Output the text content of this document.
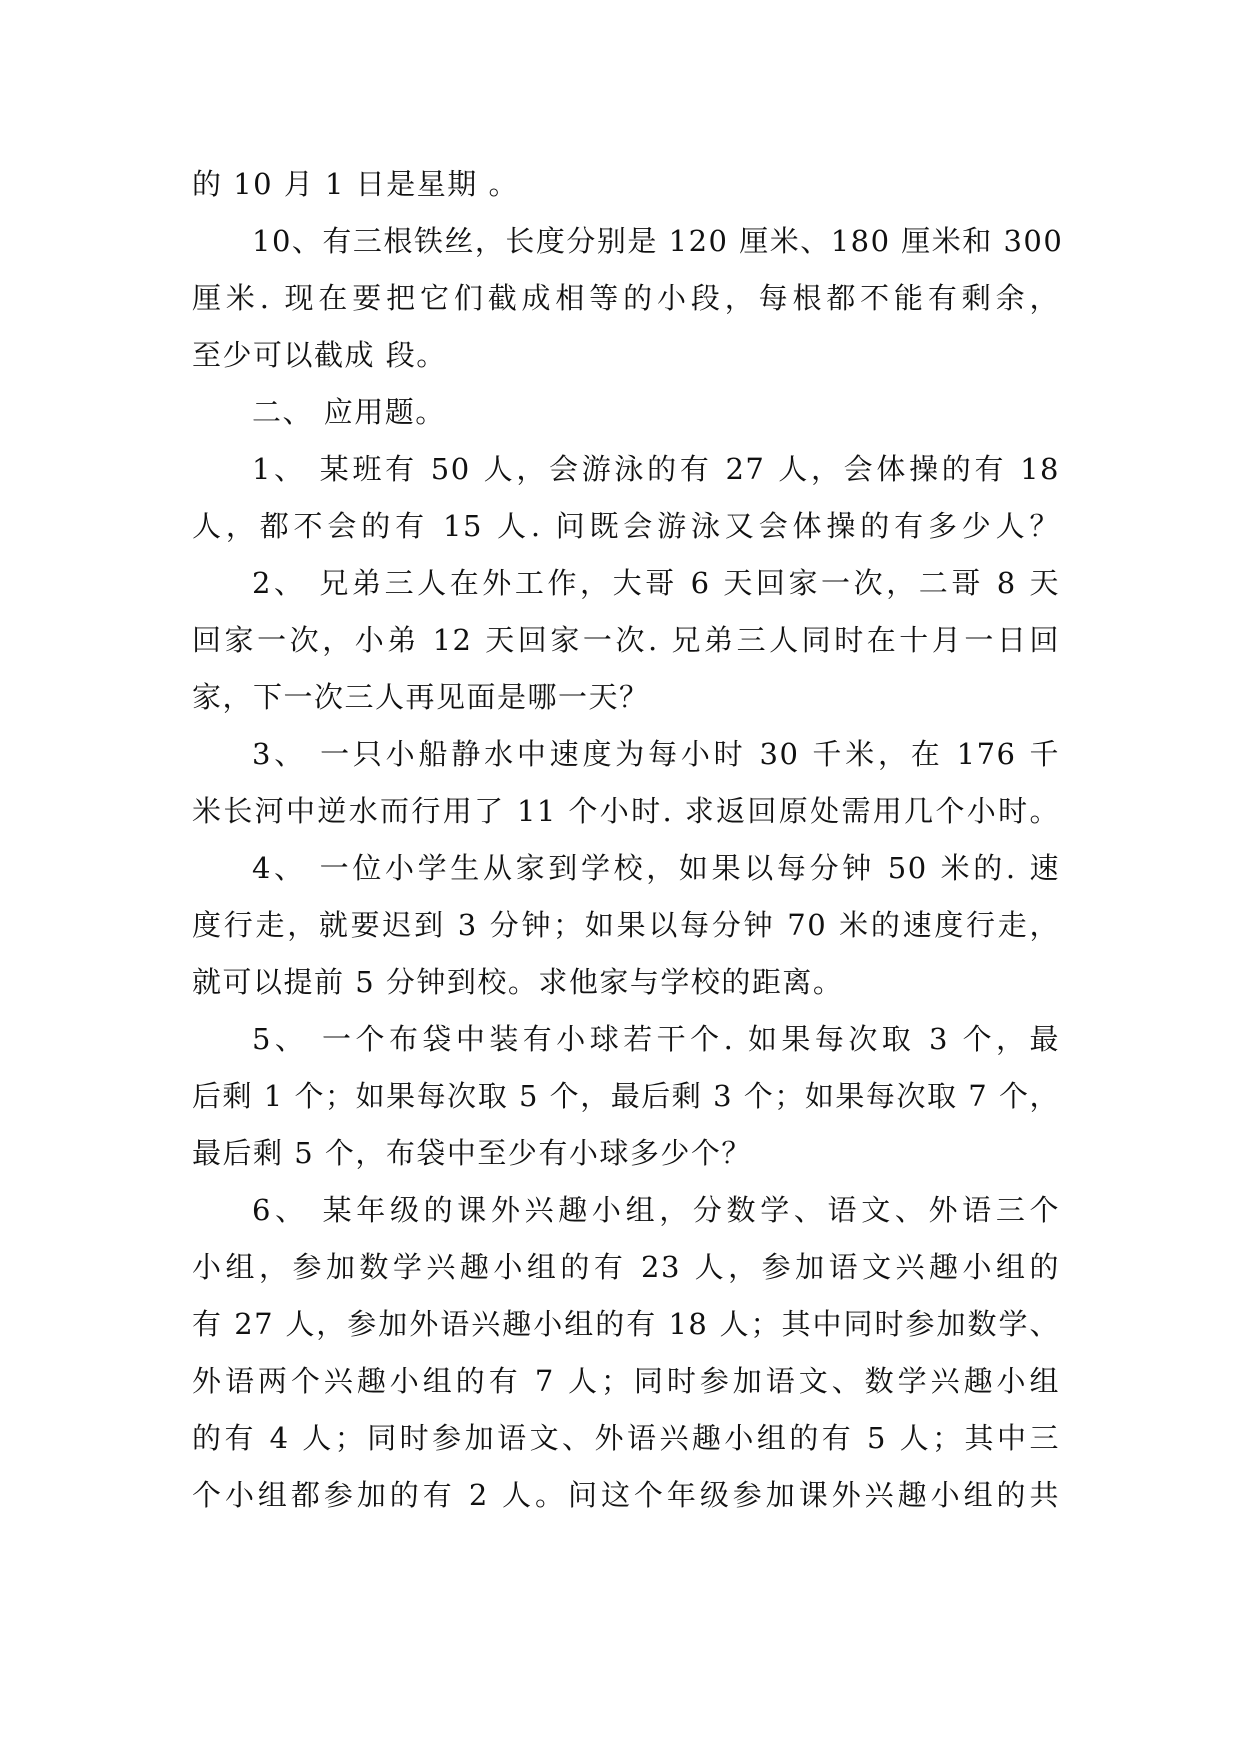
的 10 月 1 日是星期 。
10、有三根铁丝，长度分别是 120 厘米、180 厘米和 300
厘米. 现在要把它们截成相等的小段，每根都不能有剩余，
至少可以截成 段。
二、 应用题。
1、 某班有 50 人，会游泳的有 27 人，会体操的有 18
人，都不会的有 15 人. 问既会游泳又会体操的有多少人？
2、 兄弟三人在外工作，大哥 6 天回家一次，二哥 8 天
回家一次，小弟 12 天回家一次. 兄弟三人同时在十月一日回
家，下一次三人再见面是哪一天？
3、 一只小船静水中速度为每小时 30 千米，在 176 千
米长河中逆水而行用了 11 个小时. 求返回原处需用几个小时。
4、 一位小学生从家到学校，如果以每分钟 50 米的. 速
度行走，就要迟到 3 分钟；如果以每分钟 70 米的速度行走，
就可以提前 5 分钟到校。求他家与学校的距离。
5、 一个布袋中装有小球若干个. 如果每次取 3 个，最
后剩 1 个；如果每次取 5 个，最后剩 3 个；如果每次取 7 个，
最后剩 5 个，布袋中至少有小球多少个？
6、 某年级的课外兴趣小组，分数学、语文、外语三个
小组，参加数学兴趣小组的有 23 人，参加语文兴趣小组的
有 27 人，参加外语兴趣小组的有 18 人；其中同时参加数学、
外语两个兴趣小组的有 7 人；同时参加语文、数学兴趣小组
的有 4 人；同时参加语文、外语兴趣小组的有 5 人；其中三
个小组都参加的有 2 人。问这个年级参加课外兴趣小组的共
